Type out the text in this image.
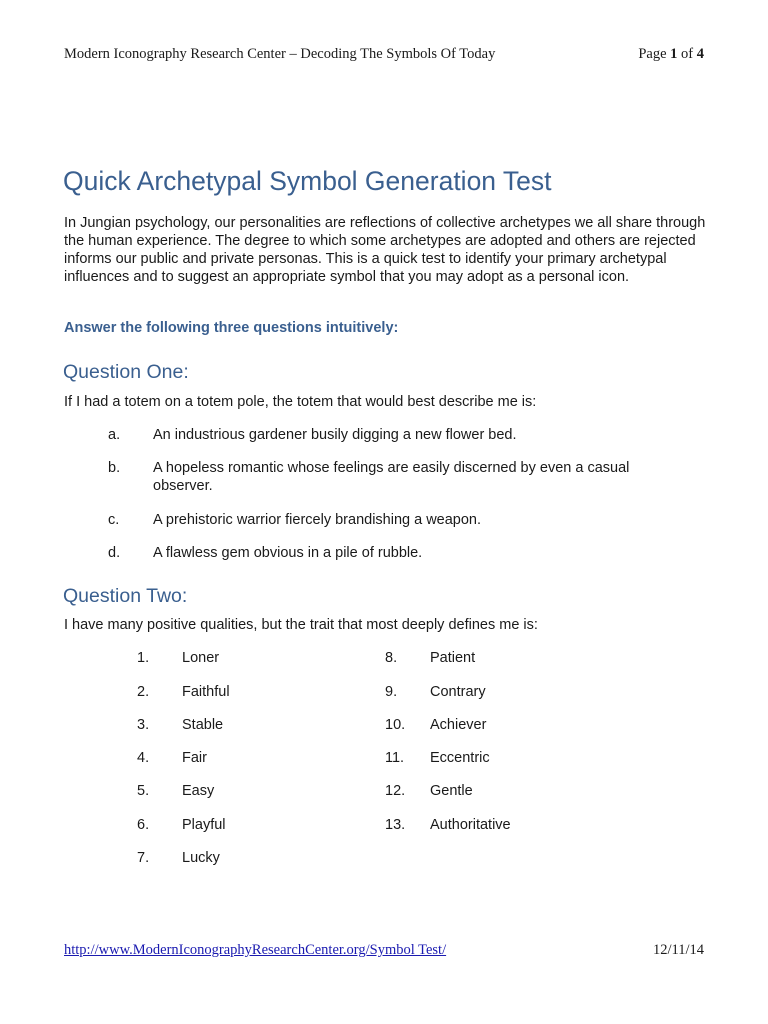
Modern Iconography Research Center – Decoding The Symbols Of Today	Page 1 of 4
Quick Archetypal Symbol Generation Test

In Jungian psychology, our personalities are reflections of collective archetypes we all share through the human experience. The degree to which some archetypes are adopted and others are rejected informs our public and private personas. This is a quick test to identify your primary archetypal influences and to suggest an appropriate symbol that you may adopt as a personal icon.

Answer the following three questions intuitively:

Question One:

If I had a totem on a totem pole, the totem that would best describe me is:

a. An industrious gardener busily digging a new flower bed.
b. A hopeless romantic whose feelings are easily discerned by even a casual observer.
c. A prehistoric warrior fiercely brandishing a weapon.
d. A flawless gem obvious in a pile of rubble.
Question Two:

I have many positive qualities, but the trait that most deeply defines me is:

1. Loner
2. Faithful
3. Stable
4. Fair
5. Easy
6. Playful
7. Lucky
8. Patient
9. Contrary
10. Achiever
11. Eccentric
12. Gentle
13. Authoritative
http://www.ModernIconographyResearchCenter.org/Symbol Test/	12/11/14
